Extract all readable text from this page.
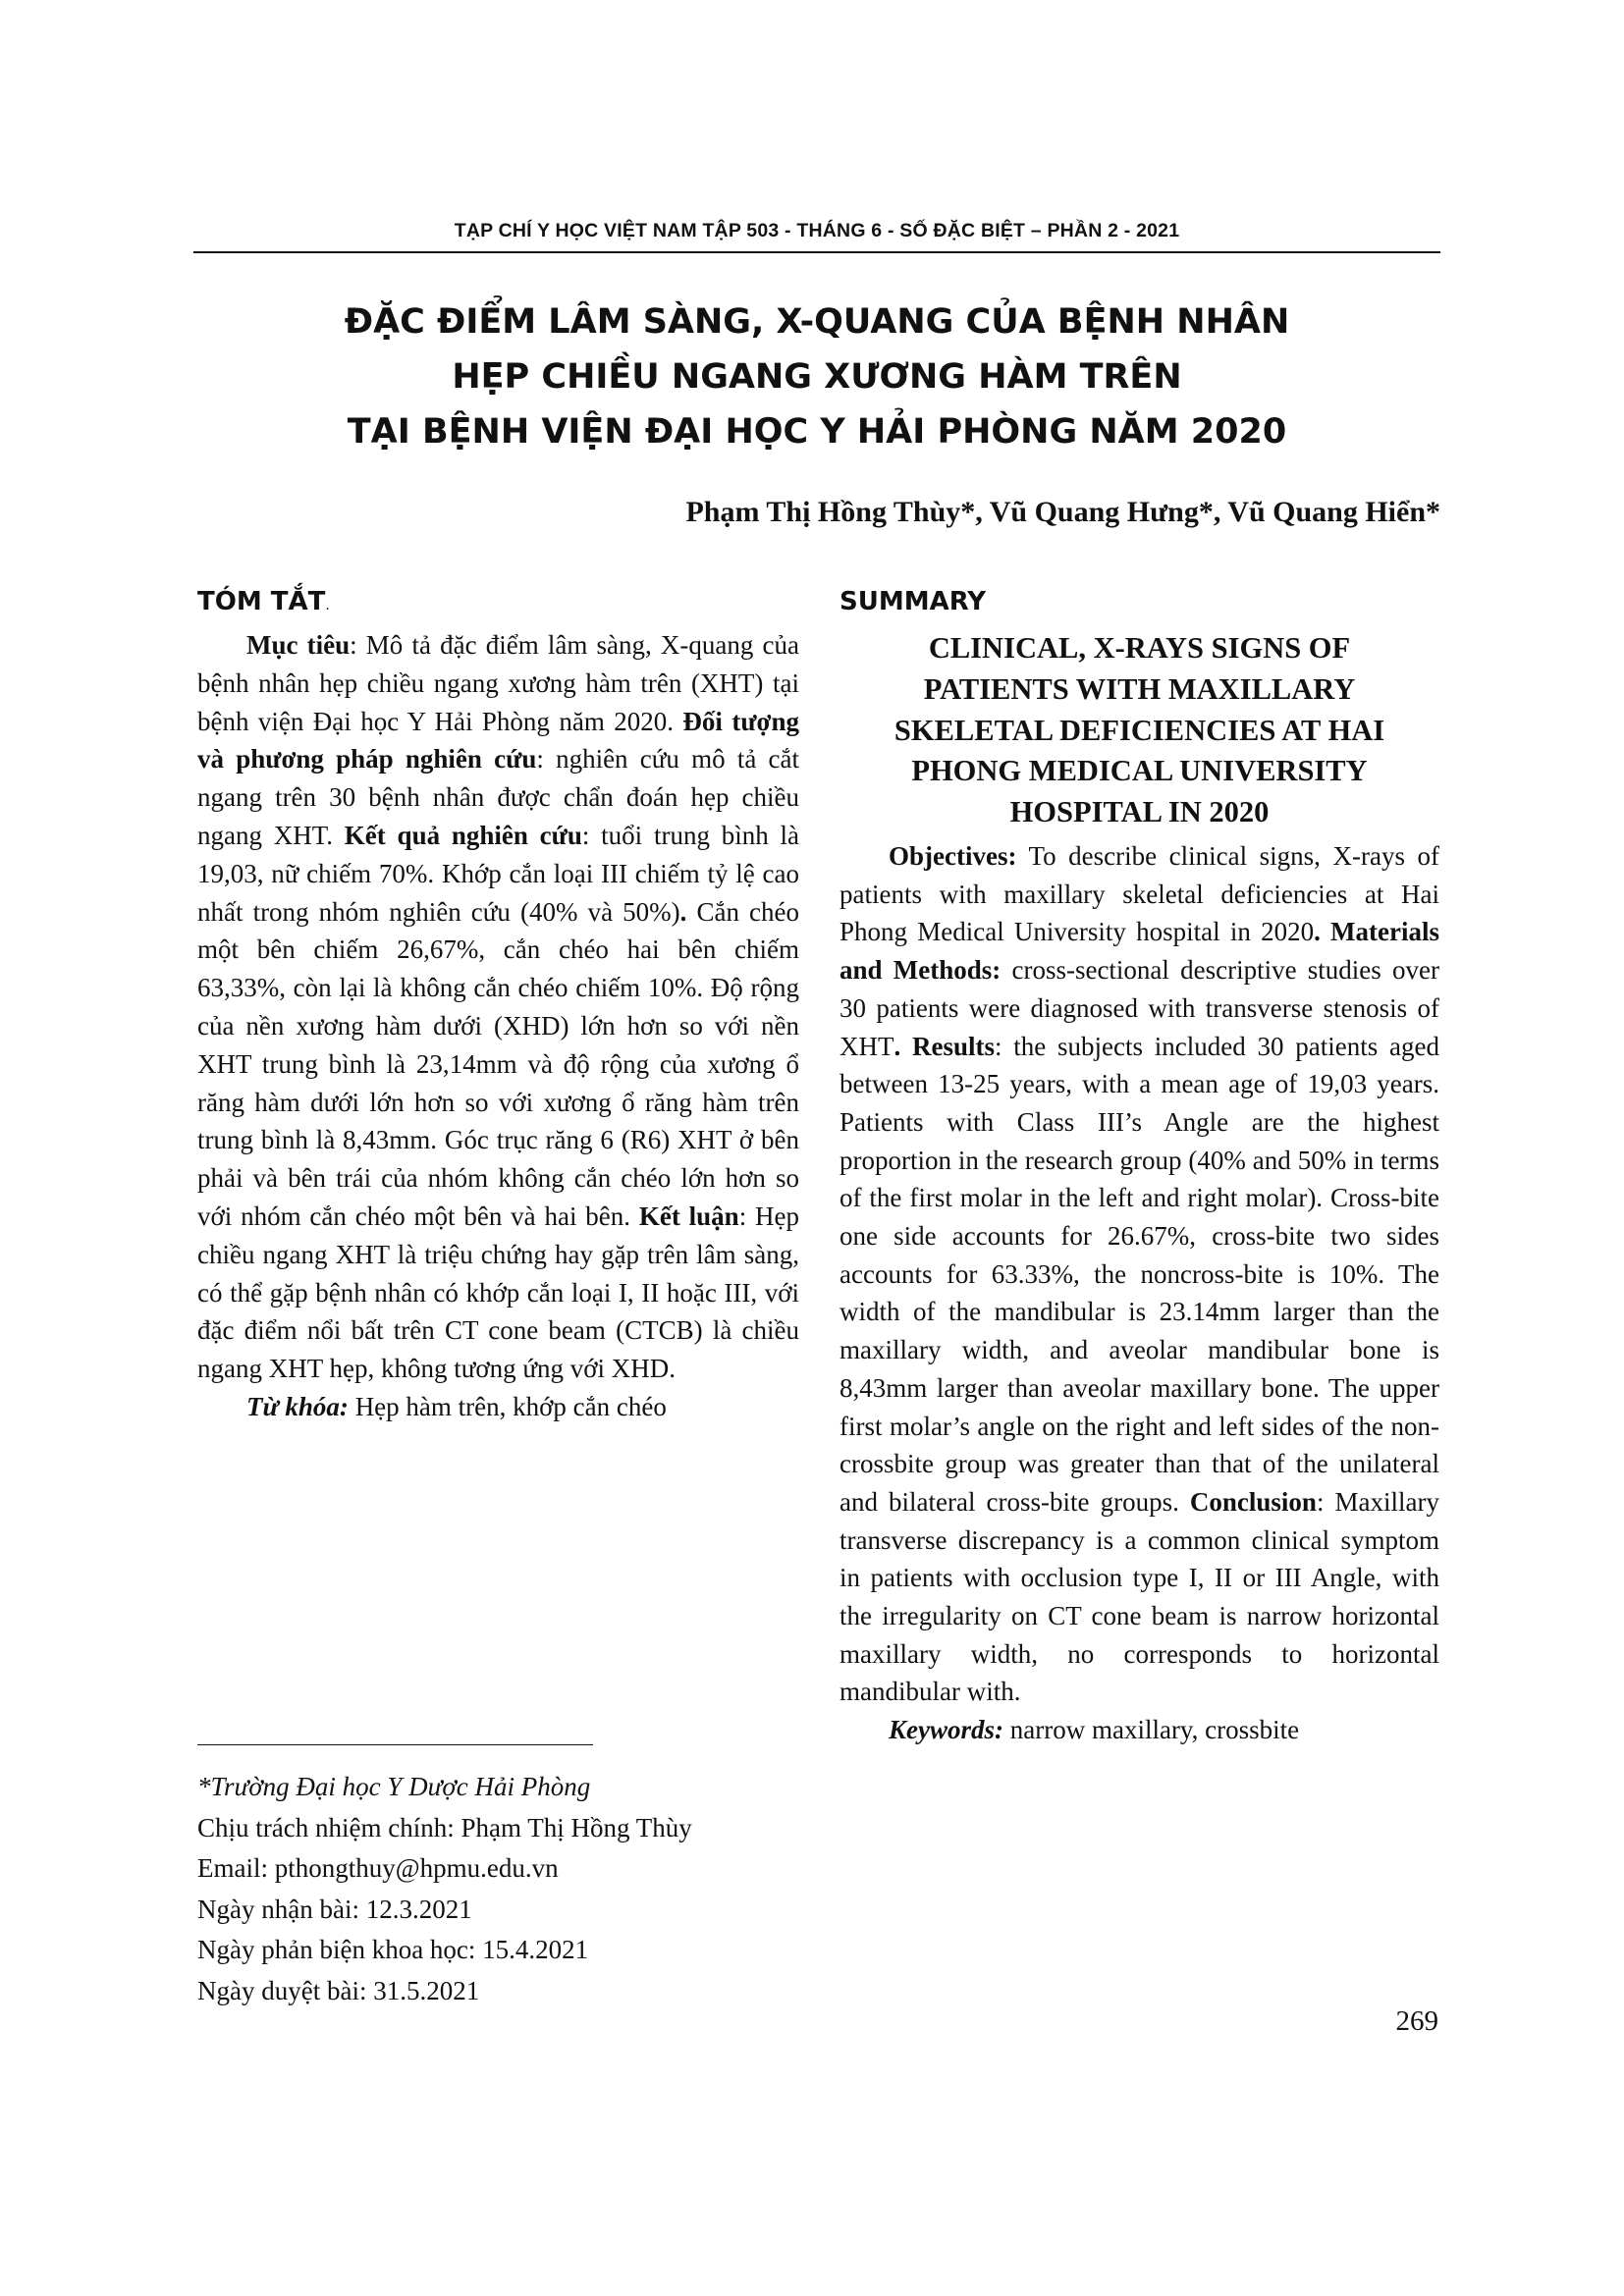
TẠP CHÍ Y HỌC VIỆT NAM TẬP 503 - THÁNG 6 - SỐ ĐẶC BIỆT – PHẦN 2 - 2021
ĐẶC ĐIỂM LÂM SÀNG, X-QUANG CỦA BỆNH NHÂN
HẸP CHIỀU NGANG XƯƠNG HÀM TRÊN
TẠI BỆNH VIỆN ĐẠI HỌC Y HẢI PHÒNG NĂM 2020
Phạm Thị Hồng Thùy*, Vũ Quang Hưng*, Vũ Quang Hiển*
TÓM TẮT.

Mục tiêu: Mô tả đặc điểm lâm sàng, X-quang của bệnh nhân hẹp chiều ngang xương hàm trên (XHT) tại bệnh viện Đại học Y Hải Phòng năm 2020. Đối tượng và phương pháp nghiên cứu: nghiên cứu mô tả cắt ngang trên 30 bệnh nhân được chẩn đoán hẹp chiều ngang XHT. Kết quả nghiên cứu: tuổi trung bình là 19,03, nữ chiếm 70%. Khớp cắn loại III chiếm tỷ lệ cao nhất trong nhóm nghiên cứu (40% và 50%). Cắn chéo một bên chiếm 26,67%, cắn chéo hai bên chiếm 63,33%, còn lại là không cắn chéo chiếm 10%. Độ rộng của nền xương hàm dưới (XHD) lớn hơn so với nền XHT trung bình là 23,14mm và độ rộng của xương ổ răng hàm dưới lớn hơn so với xương ổ răng hàm trên trung bình là 8,43mm. Góc trục răng 6 (R6) XHT ở bên phải và bên trái của nhóm không cắn chéo lớn hơn so với nhóm cắn chéo một bên và hai bên. Kết luận: Hẹp chiều ngang XHT là triệu chứng hay gặp trên lâm sàng, có thể gặp bệnh nhân có khớp cắn loại I, II hoặc III, với đặc điểm nổi bất trên CT cone beam (CTCB) là chiều ngang XHT hẹp, không tương ứng với XHD.

Từ khóa: Hẹp hàm trên, khớp cắn chéo

SUMMARY
CLINICAL, X-RAYS SIGNS OF
PATIENTS WITH MAXILLARY
SKELETAL DEFICIENCIES AT HAI
PHONG MEDICAL UNIVERSITY
HOSPITAL IN 2020

Objectives: To describe clinical signs, X-rays of patients with maxillary skeletal deficiencies at Hai Phong Medical University hospital in 2020. Materials and Methods: cross-sectional descriptive studies over 30 patients were diagnosed with transverse stenosis of XHT. Results: the subjects included 30 patients aged between 13-25 years, with a mean age of 19,03 years. Patients with Class III’s Angle are the highest proportion in the research group (40% and 50% in terms of the first molar in the left and right molar). Cross-bite one side accounts for 26.67%, cross-bite two sides accounts for 63.33%, the noncross-bite is 10%. The width of the mandibular is 23.14mm larger than the maxillary width, and aveolar mandibular bone is 8,43mm larger than aveolar maxillary bone. The upper first molar’s angle on the right and left sides of the non-crossbite group was greater than that of the unilateral and bilateral cross-bite groups. Conclusion: Maxillary transverse discrepancy is a common clinical symptom in patients with occlusion type I, II or III Angle, with the irregularity on CT cone beam is narrow horizontal maxillary width, no corresponds to horizontal mandibular with.

Keywords: narrow maxillary, crossbite

*Trường Đại học Y Dược Hải Phòng
Chịu trách nhiệm chính: Phạm Thị Hồng Thùy
Email: pthongthuy@hpmu.edu.vn
Ngày nhận bài: 12.3.2021
Ngày phản biện khoa học: 15.4.2021
Ngày duyệt bài: 31.5.2021
269
